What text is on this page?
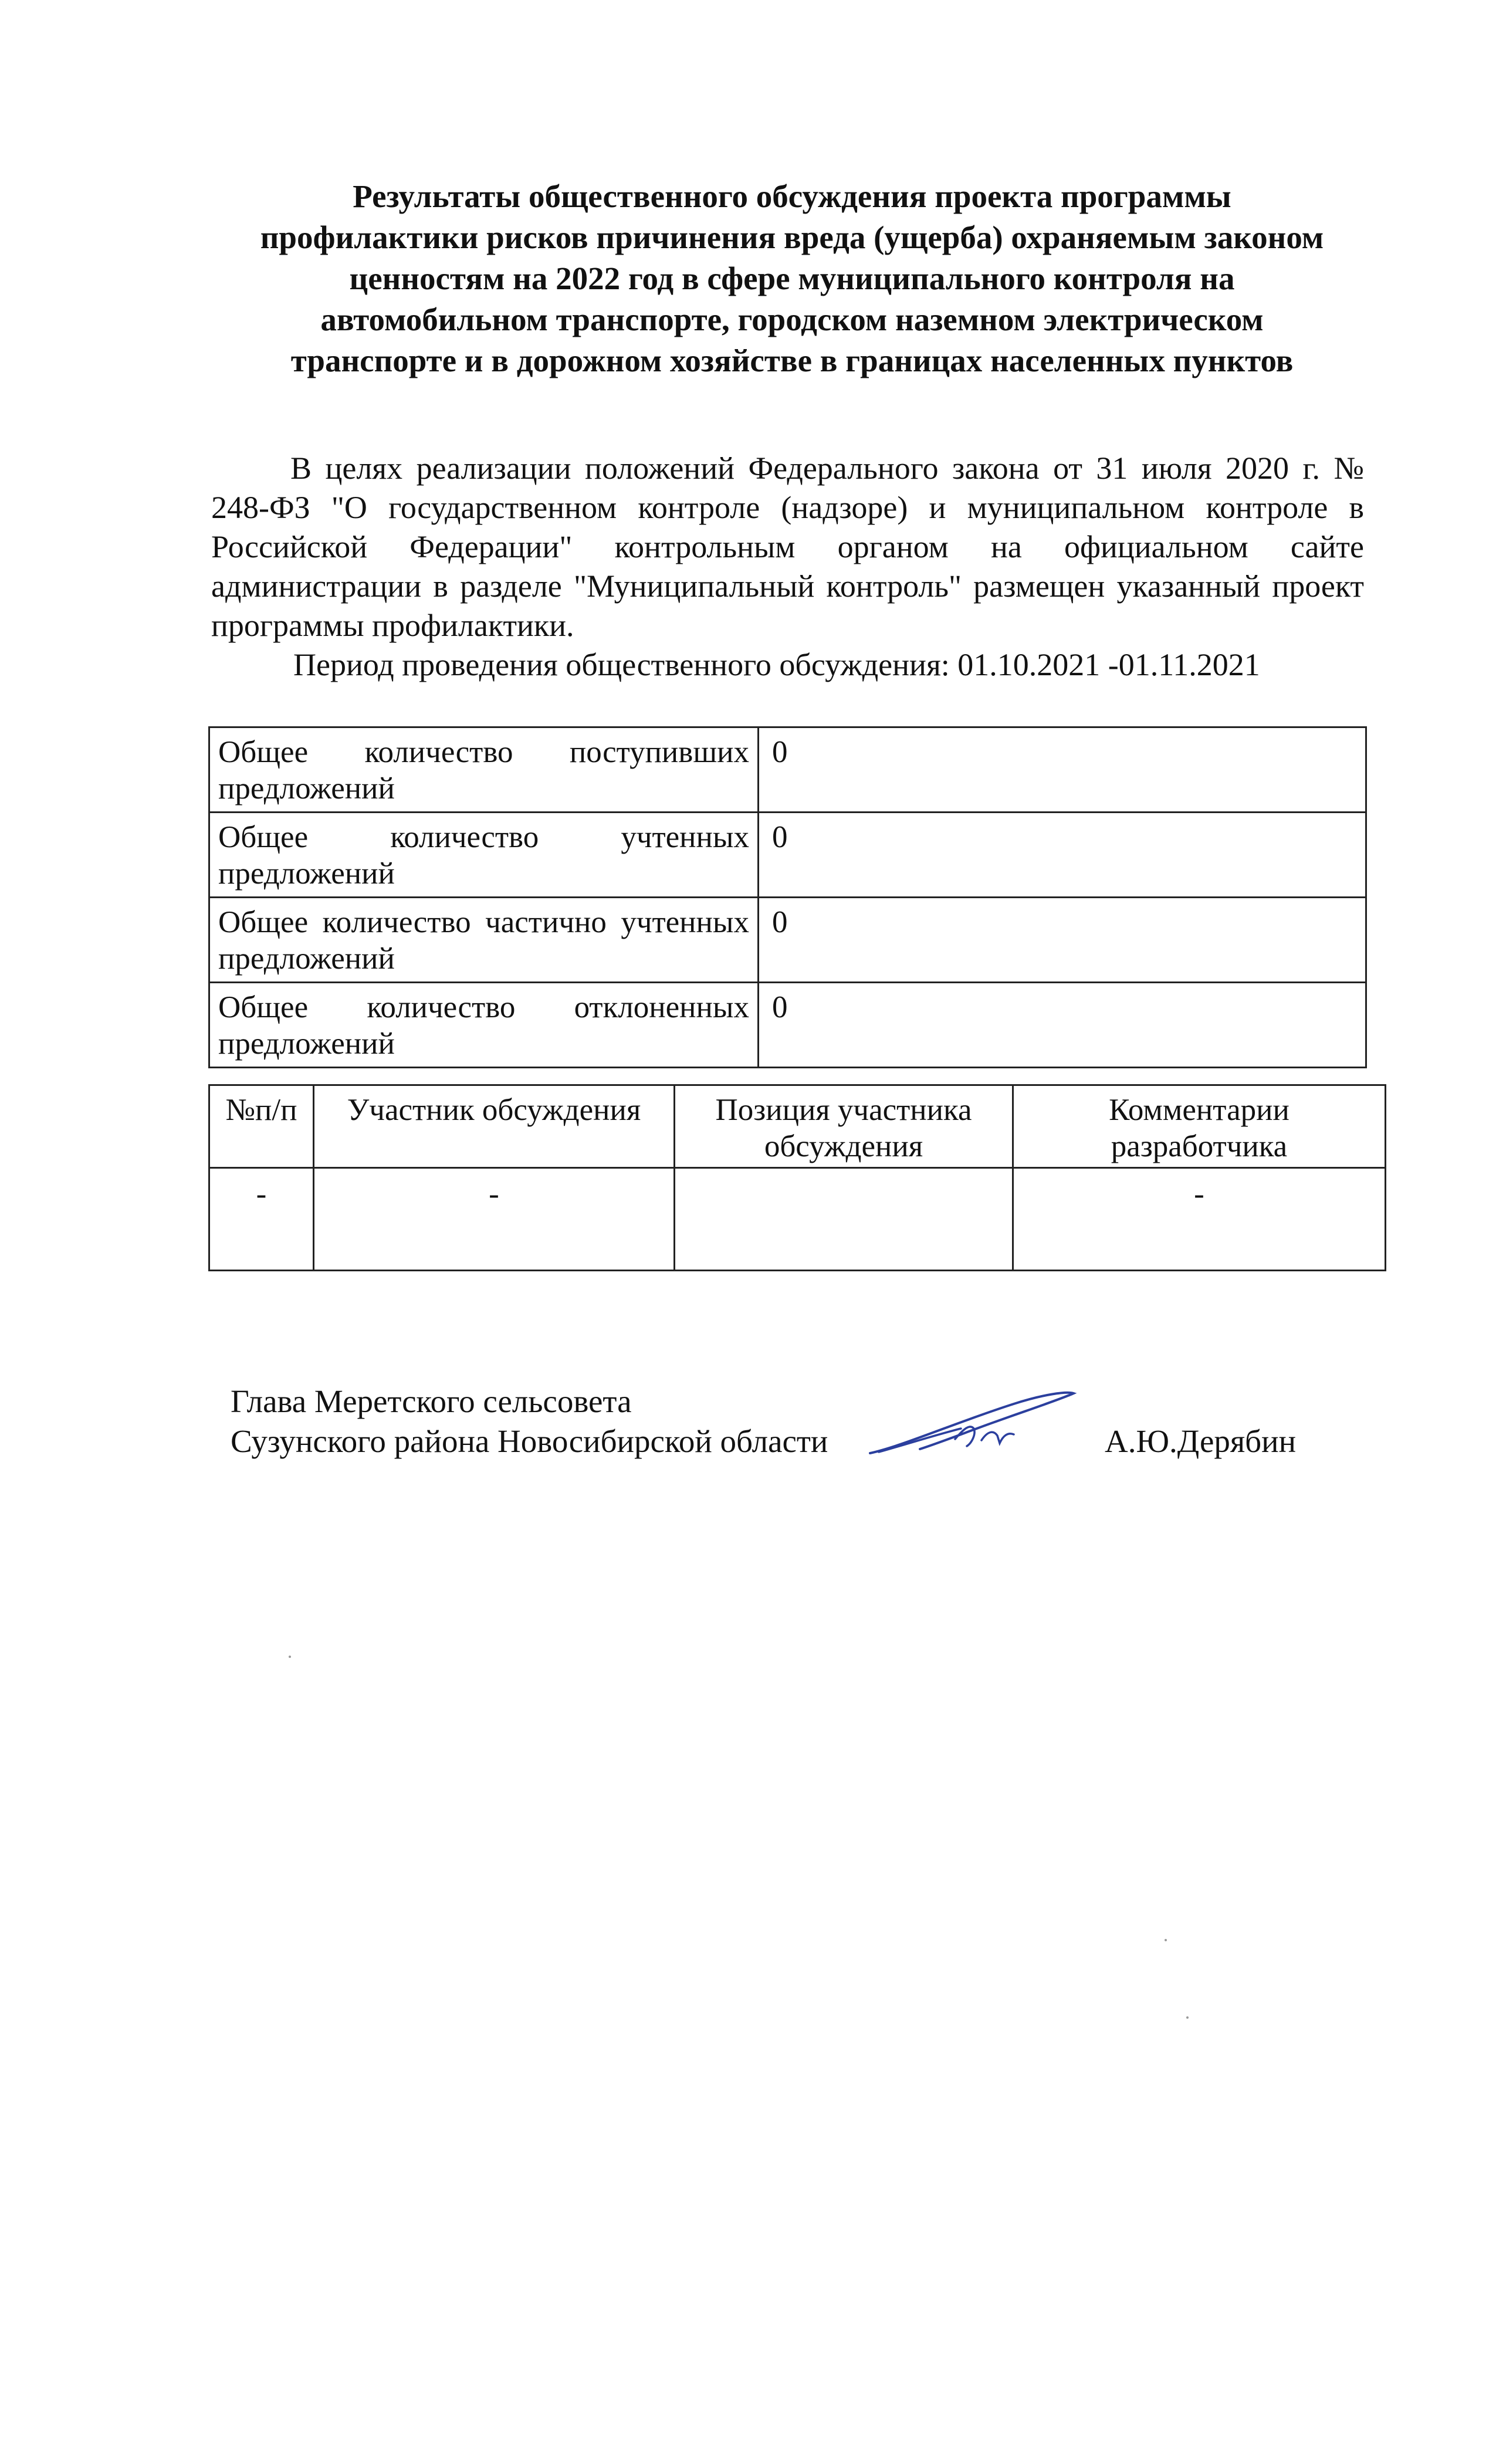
Результаты общественного обсуждения проекта программы
профилактики рисков причинения вреда (ущерба) охраняемым законом
ценностям на 2022 год в сфере муниципального контроля на
автомобильном транспорте, городском наземном электрическом
транспорте и в дорожном хозяйстве в границах населенных пунктов
В целях реализации положений Федерального закона от 31 июля 2020 г. № 248-ФЗ "О государственном контроле (надзоре) и муниципальном контроле в Российской Федерации" контрольным органом на официальном сайте администрации в разделе "Муниципальный контроль" размещен указанный проект программы профилактики.
Период проведения общественного обсуждения: 01.10.2021 -01.11.2021
Общее количество поступивших предложений	0
Общее количество учтенных предложений	0
Общее количество частично учтенных предложений	0
Общее количество отклоненных предложений	0
№п/п	Участник обсуждения	Позиция участника обсуждения	Комментарии разработчика
-	-		-
Глава Меретского сельсовета
Сузунского района Новосибирской области	А.Ю.Дерябин
